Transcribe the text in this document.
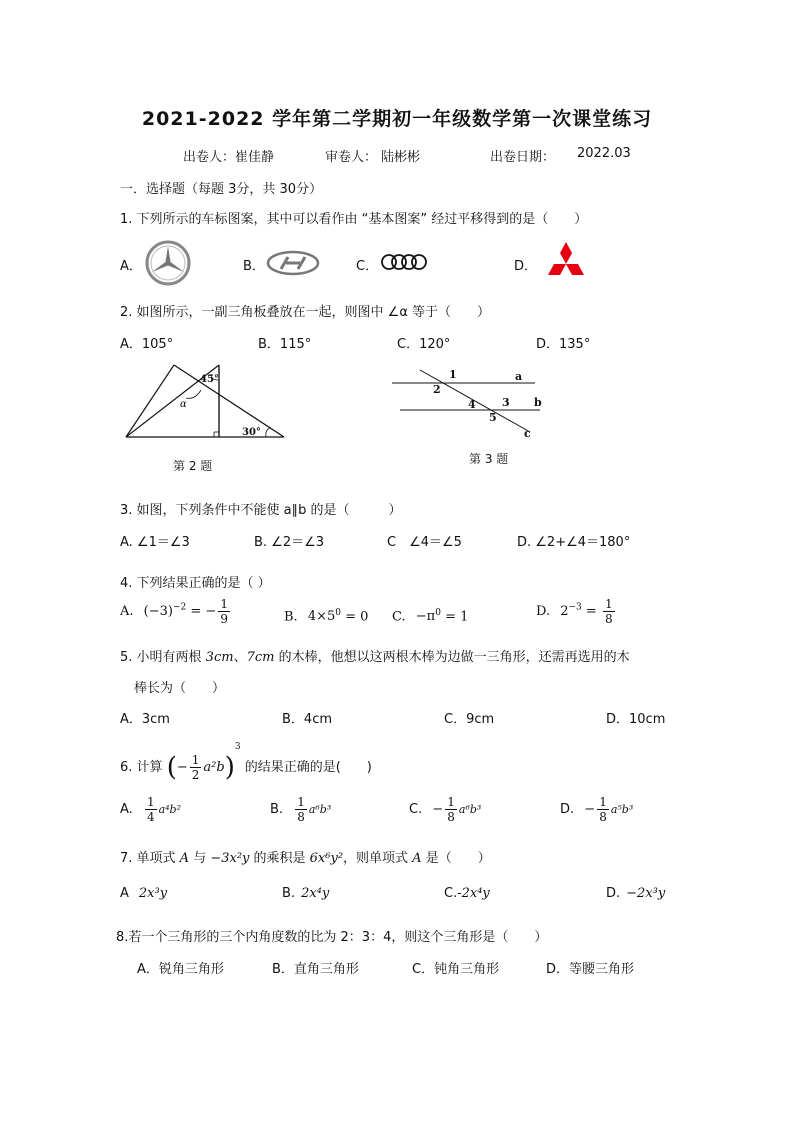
2021-2022 学年第二学期初一年级数学第一次课堂练习
出卷人：崔佳静	审卷人： 陆彬彬	出卷日期： 2022.03
一．选择题（每题 3分，共 30分）
1. 下列所示的车标图案，其中可以看作由 “基本图案” 经过平移得到的是（　　）
A．	B．	C．	D．
2. 如图所示，一副三角板叠放在一起，则图中 ∠α 等于（　　）
A．105°	B．115°	C．120°	D．135°
45°
α
30°
第 2 题
1	a
2
4 3 b
5
c
第 3 题
3. 如图，下列条件中不能使 a∥b 的是（　　　）
A. ∠1＝∠3	B. ∠2＝∠3	C　∠4＝∠5	D. ∠2+∠4＝180°
4. 下列结果正确的是（ ）
A. $(-3)^{-2}$ = − $\frac{1}{9}$	B. $4\times 5^0 = 0$ C. $-\pi^0 = 1$	D. $2^{-3} = \frac{1}{8}$
5. 小明有两根 3cm、7cm 的木棒，他想以这两根木棒为边做一三角形，还需再选用的木
棒长为（　　）
A．3cm	B．4cm	C．9cm	D．10cm
6. 计算 (− $\frac{1}{2} a^2b)^3$ 的结果正确的是(　　)
A. $\frac{1}{4} a^4b^2$	B. $\frac{1}{8} a^6b^3$	C. − $\frac{1}{8} a^6b^3$	D. − $\frac{1}{8} a^5b^3$
7. 单项式 A 与 −3x²y 的乘积是 6x⁶y²，则单项式 A 是（　　）
A 2x³y	B. 2x⁴y	C.-2x⁴y	D. −2x³y
8.若一个三角形的三个内角度数的比为 2：3：4，则这个三角形是（　　）
A．锐角三角形	B．直角三角形	C．钝角三角形	D．等腰三角形
